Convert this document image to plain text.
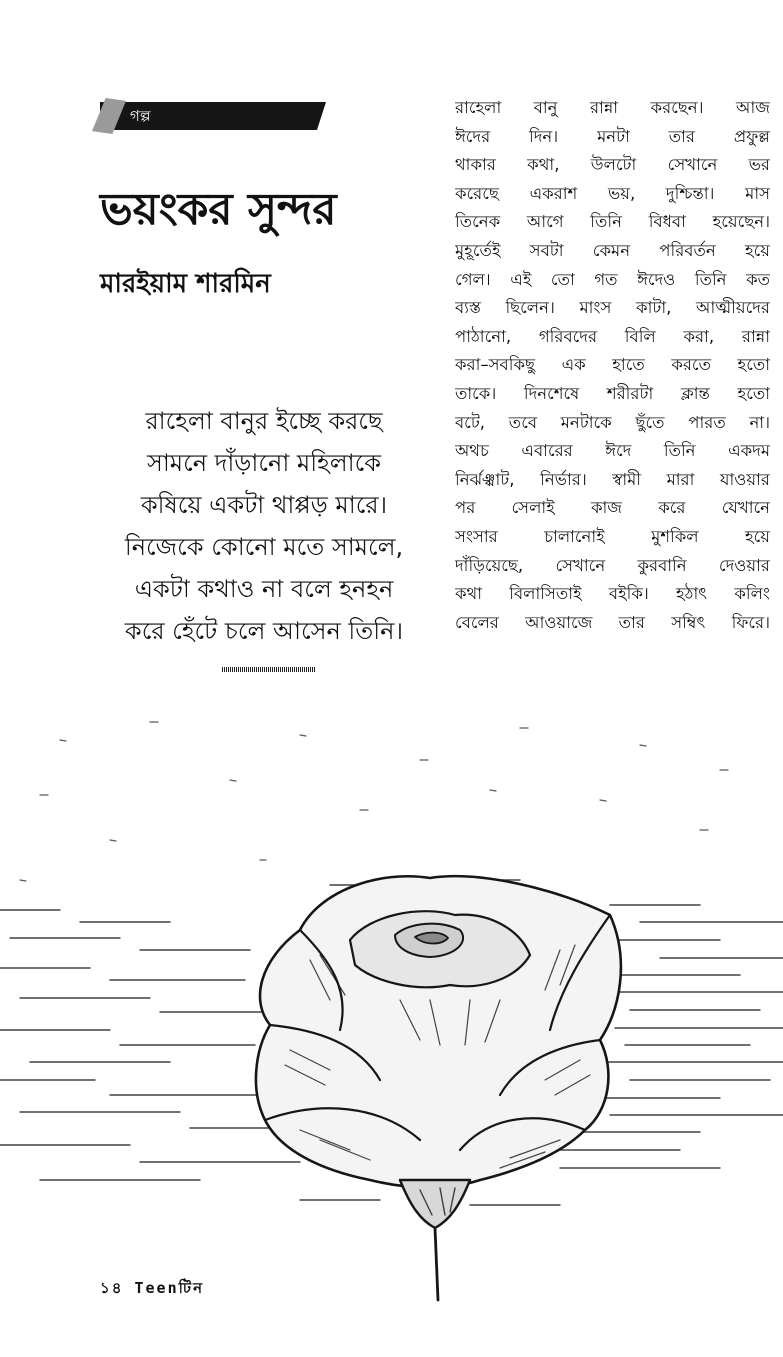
গল্প
ভয়ংকর সুন্দর
মারইয়াম শারমিন
রাহেলা বানুর ইচ্ছে করছে
সামনে দাঁড়ানো মহিলাকে
কষিয়ে একটা থাপ্পড় মারে।
নিজেকে কোনো মতে সামলে,
একটা কথাও না বলে হনহন
করে হেঁটে চলে আসেন তিনি।
রাহেলা বানু রান্না করছেন। আজ
ঈদের দিন। মনটা তার প্রফুল্ল
থাকার কথা, উলটো সেখানে ভর
করেছে একরাশ ভয়, দুশ্চিন্তা। মাস
তিনেক আগে তিনি বিধবা হয়েছেন।
মুহূর্তেই সবটা কেমন পরিবর্তন হয়ে
গেল। এই তো গত ঈদেও তিনি কত
ব্যস্ত ছিলেন। মাংস কাটা, আত্মীয়দের
পাঠানো, গরিবদের বিলি করা, রান্না
করা–সবকিছু এক হাতে করতে হতো
তাকে। দিনশেষে শরীরটা ক্লান্ত হতো
বটে, তবে মনটাকে ছুঁতে পারত না।
অথচ এবারের ঈদে তিনি একদম
নির্ঝঞ্ঝাট, নির্ভার। স্বামী মারা যাওয়ার
পর সেলাই কাজ করে যেখানে
সংসার চালানোই মুশকিল হয়ে
দাঁড়িয়েছে, সেখানে কুরবানি দেওয়ার
কথা বিলাসিতাই বইকি। হঠাৎ কলিং
বেলের আওয়াজে তার সম্বিৎ ফিরে।
১৪ Teenটিন
